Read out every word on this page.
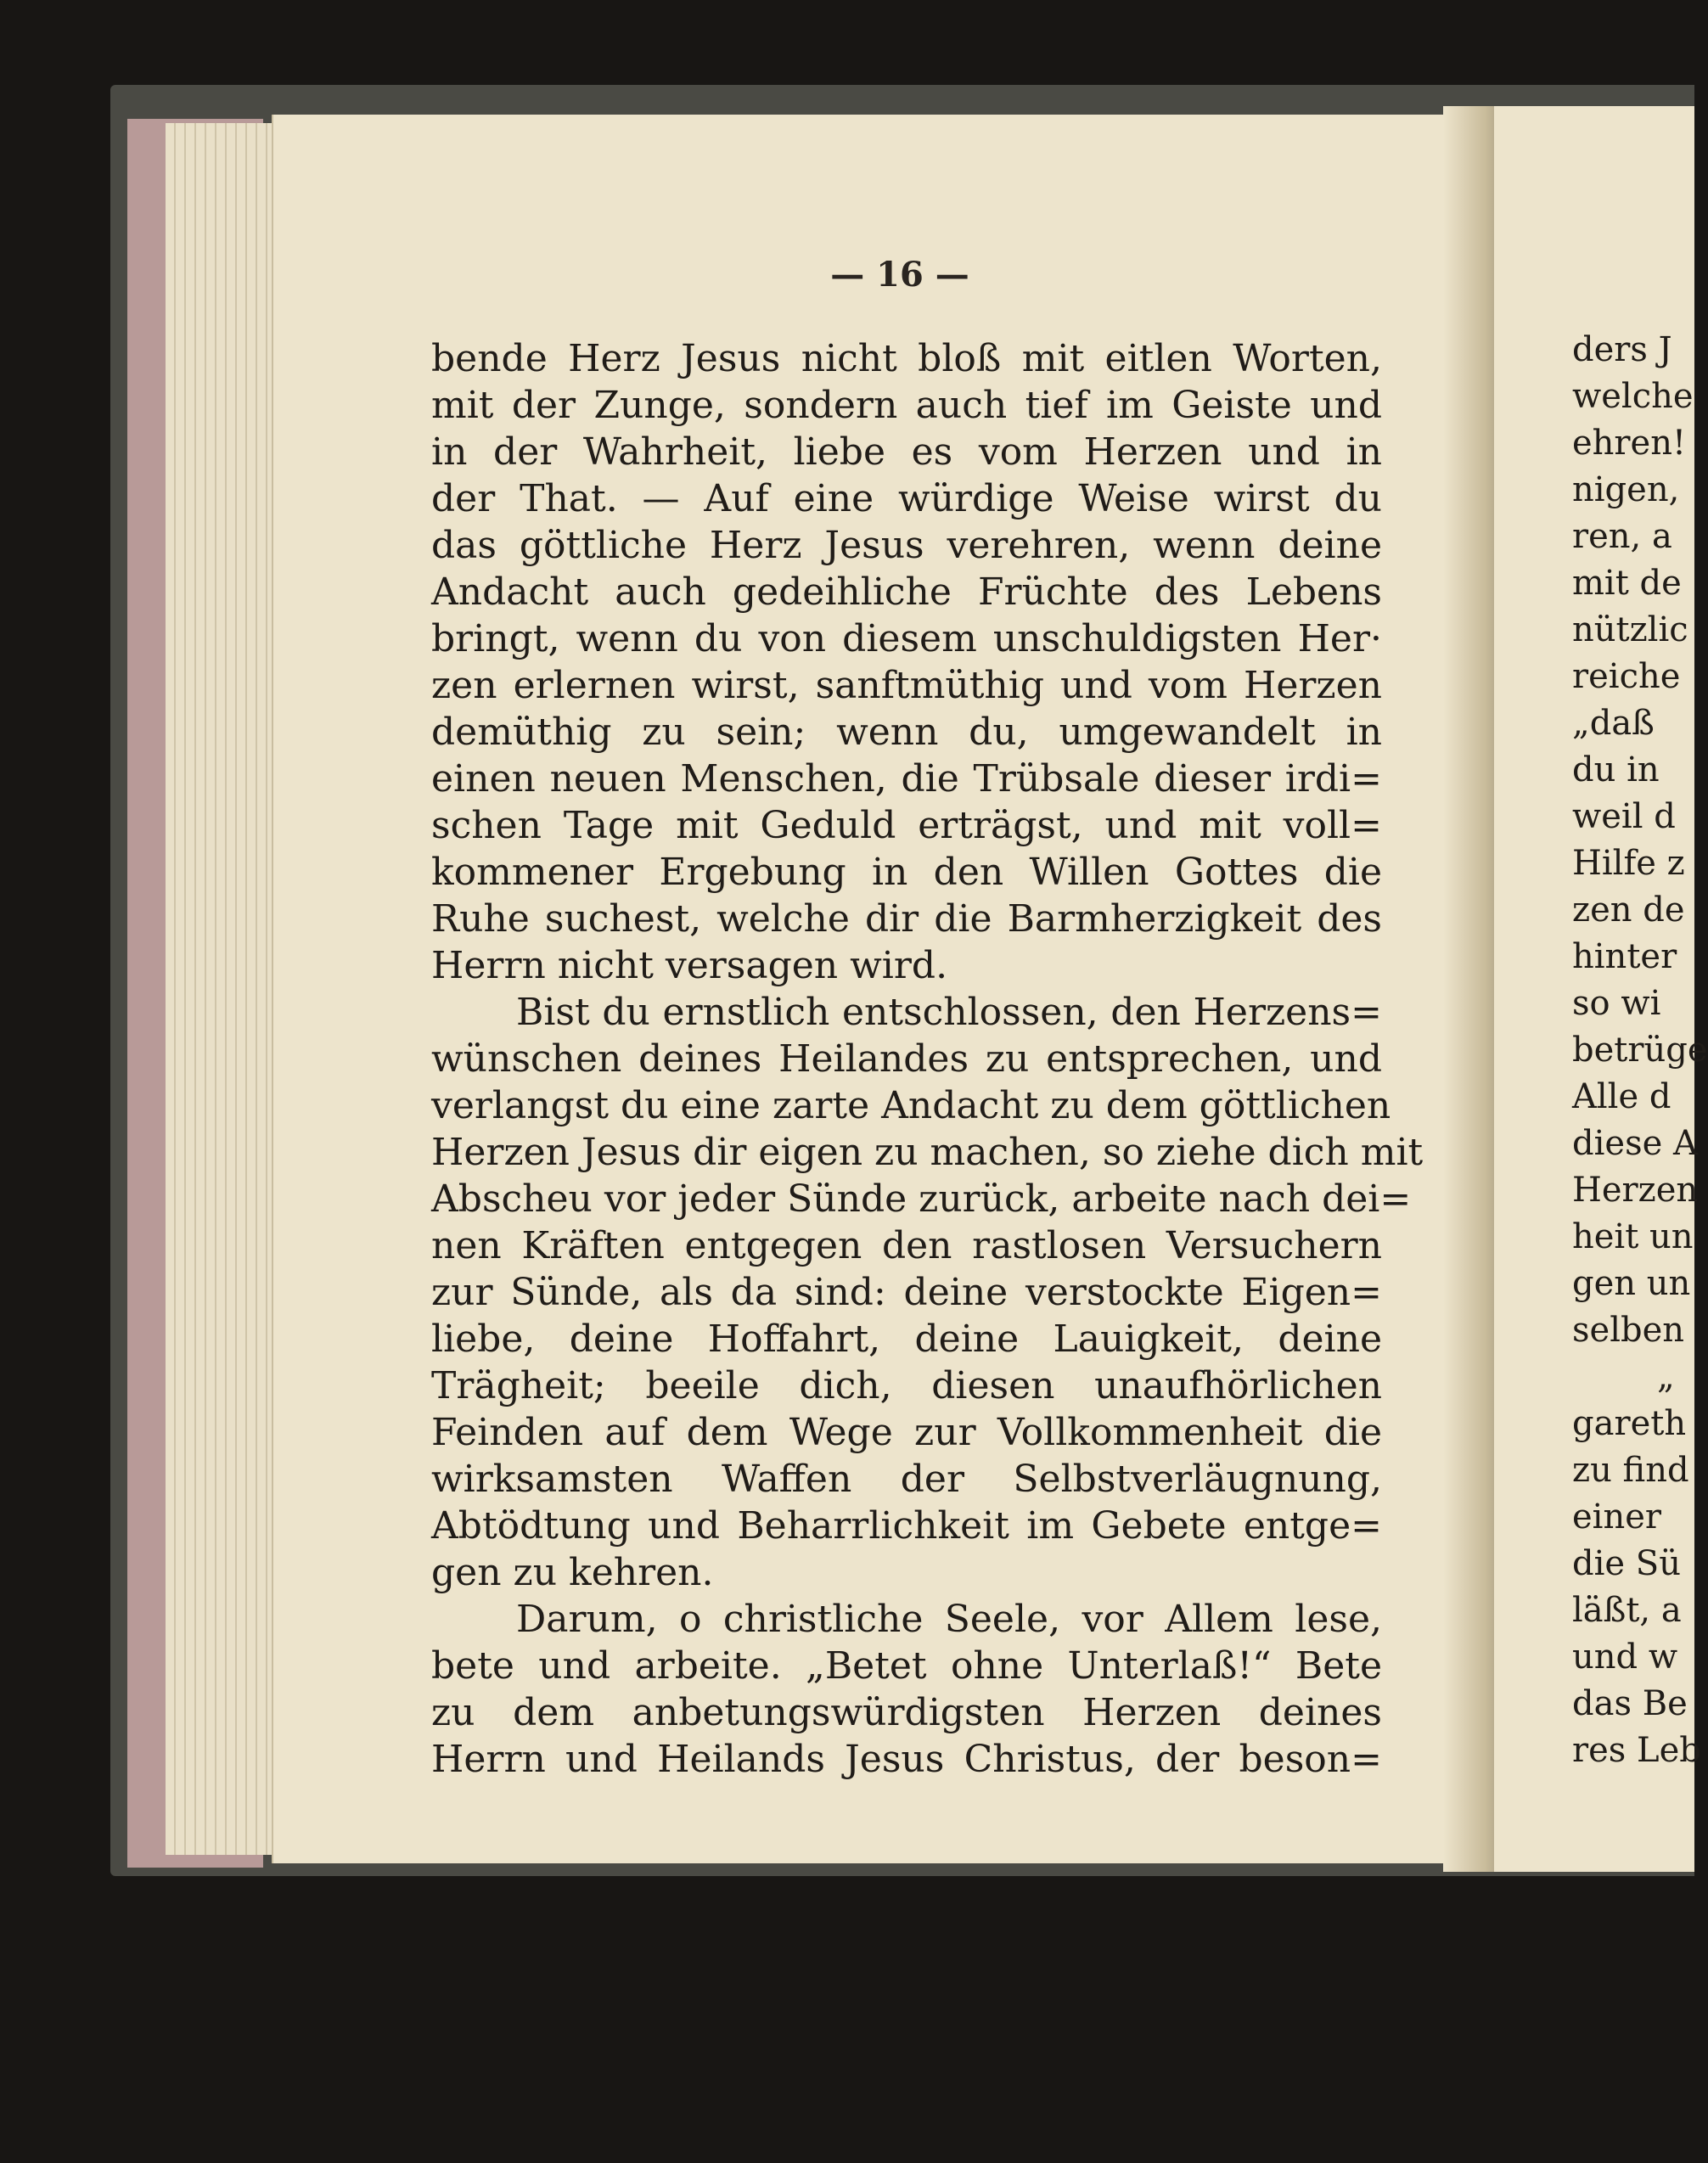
— 16 —
bende Herz Jesus nicht bloß mit eitlen Worten,
mit der Zunge, sondern auch tief im Geiste und
in der Wahrheit, liebe es vom Herzen und in
der That. — Auf eine würdige Weise wirst du
das göttliche Herz Jesus verehren, wenn deine
Andacht auch gedeihliche Früchte des Lebens
bringt, wenn du von diesem unschuldigsten Her·
zen erlernen wirst, sanftmüthig und vom Herzen
demüthig zu sein; wenn du, umgewandelt in
einen neuen Menschen, die Trübsale dieser irdi=
schen Tage mit Geduld erträgst, und mit voll=
kommener Ergebung in den Willen Gottes die
Ruhe suchest, welche dir die Barmherzigkeit des
Herrn nicht versagen wird.
Bist du ernstlich entschlossen, den Herzens=
wünschen deines Heilandes zu entsprechen, und
verlangst du eine zarte Andacht zu dem göttlichen
Herzen Jesus dir eigen zu machen, so ziehe dich mit
Abscheu vor jeder Sünde zurück, arbeite nach dei=
nen Kräften entgegen den rastlosen Versuchern
zur Sünde, als da sind: deine verstockte Eigen=
liebe, deine Hoffahrt, deine Lauigkeit, deine
Trägheit; beeile dich, diesen unaufhörlichen
Feinden auf dem Wege zur Vollkommenheit die
wirksamsten Waffen der Selbstverläugnung,
Abtödtung und Beharrlichkeit im Gebete entge=
gen zu kehren.
Darum, o christliche Seele, vor Allem lese,
bete und arbeite. „Betet ohne Unterlaß!“ Bete
zu dem anbetungswürdigsten Herzen deines
Herrn und Heilands Jesus Christus, der beson=
ders J
welche
ehren!
nigen,
ren, a
mit de
nützlic
reiche
„daß
du in
weil d
Hilfe z
zen de
hinter
so wi
betrüge
Alle d
diese A
Herzen
heit un
gen un
selben
„
gareth
zu find
einer
die Sü
läßt, a
und w
das Be
res Leb
